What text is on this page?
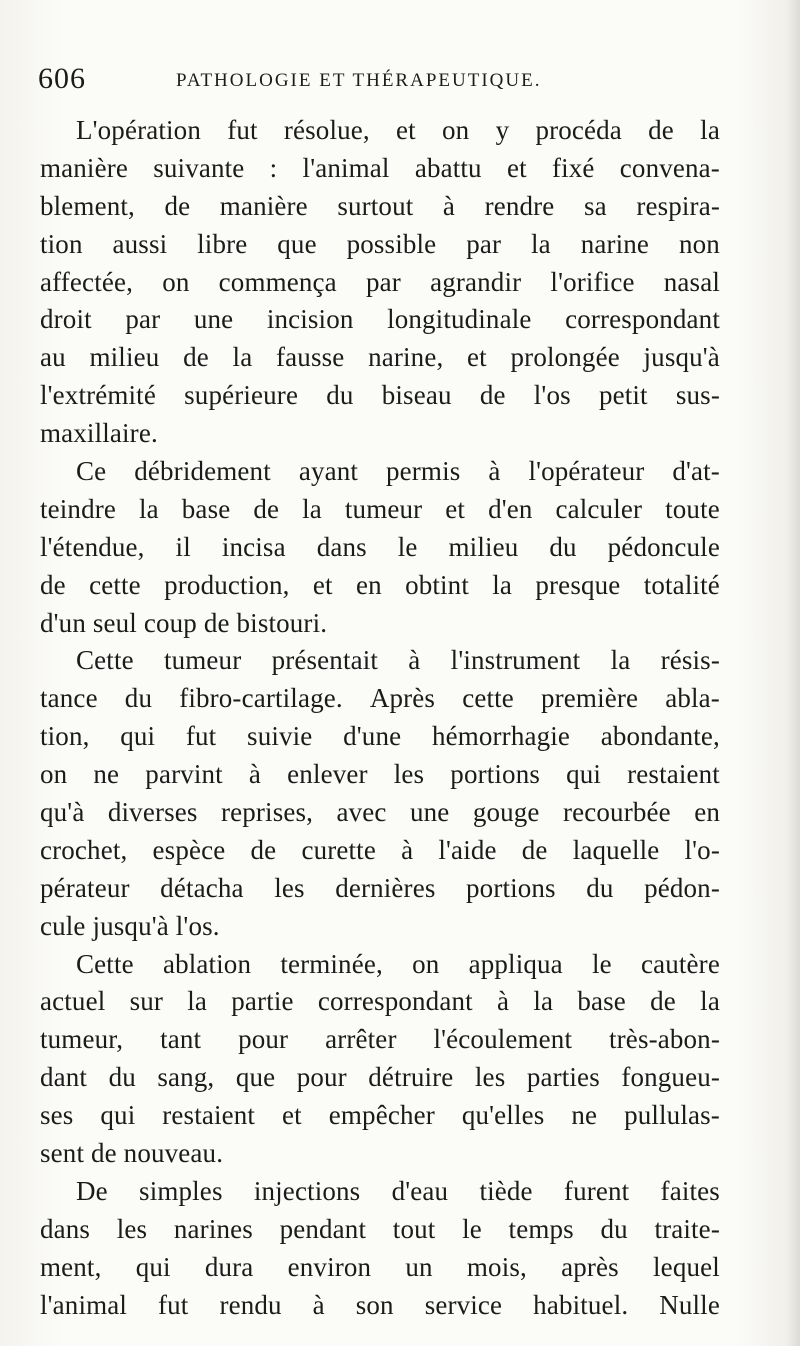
606	PATHOLOGIE ET THÉRAPEUTIQUE.
L'opération fut résolue, et on y procéda de la
manière suivante : l'animal abattu et fixé convena-
blement, de manière surtout à rendre sa respira-
tion aussi libre que possible par la narine non
affectée, on commença par agrandir l'orifice nasal
droit par une incision longitudinale correspondant
au milieu de la fausse narine, et prolongée jusqu'à
l'extrémité supérieure du biseau de l'os petit sus-
maxillaire.
Ce débridement ayant permis à l'opérateur d'at-
teindre la base de la tumeur et d'en calculer toute
l'étendue, il incisa dans le milieu du pédoncule
de cette production, et en obtint la presque totalité
d'un seul coup de bistouri.
Cette tumeur présentait à l'instrument la résis-
tance du fibro-cartilage. Après cette première abla-
tion, qui fut suivie d'une hémorrhagie abondante,
on ne parvint à enlever les portions qui restaient
qu'à diverses reprises, avec une gouge recourbée en
crochet, espèce de curette à l'aide de laquelle l'o-
pérateur détacha les dernières portions du pédon-
cule jusqu'à l'os.
Cette ablation terminée, on appliqua le cautère
actuel sur la partie correspondant à la base de la
tumeur, tant pour arrêter l'écoulement très-abon-
dant du sang, que pour détruire les parties fongueu-
ses qui restaient et empêcher qu'elles ne pullulas-
sent de nouveau.
De simples injections d'eau tiède furent faites
dans les narines pendant tout le temps du traite-
ment, qui dura environ un mois, après lequel
l'animal fut rendu à son service habituel. Nulle
